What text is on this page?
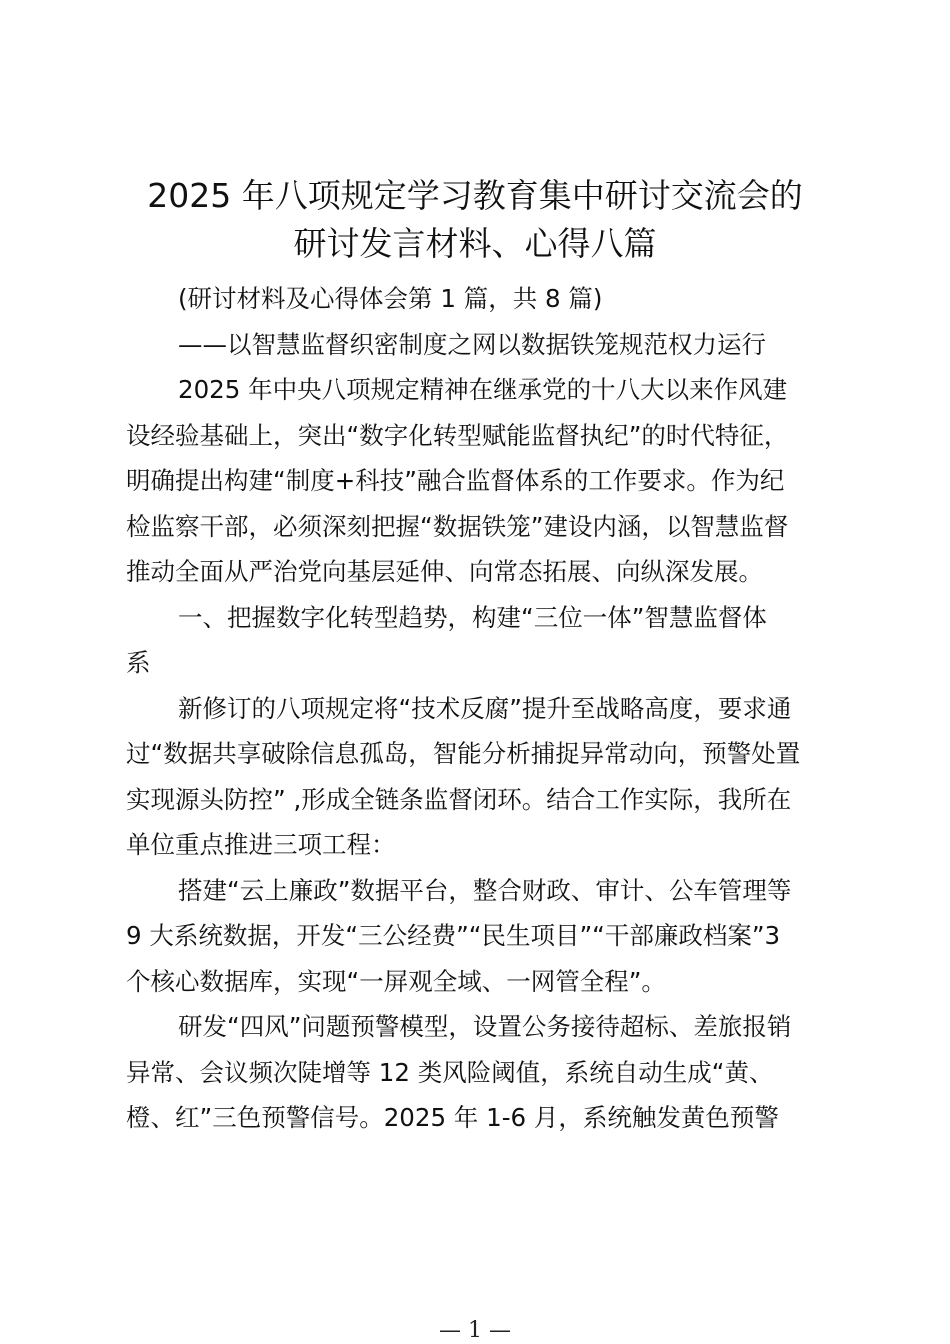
2025 年八项规定学习教育集中研讨交流会的
研讨发言材料、心得八篇
(研讨材料及心得体会第 1 篇，共 8 篇)
——以智慧监督织密制度之网以数据铁笼规范权力运行
2025 年中央八项规定精神在继承党的十八大以来作风建
设经验基础上，突出“数字化转型赋能监督执纪”的时代特征，
明确提出构建“制度+科技”融合监督体系的工作要求。作为纪
检监察干部，必须深刻把握“数据铁笼”建设内涵，以智慧监督
推动全面从严治党向基层延伸、向常态拓展、向纵深发展。
一、把握数字化转型趋势，构建“三位一体”智慧监督体
系
新修订的八项规定将“技术反腐”提升至战略高度，要求通
过“数据共享破除信息孤岛，智能分析捕捉异常动向，预警处置
实现源头防控” ,形成全链条监督闭环。结合工作实际，我所在
单位重点推进三项工程：
搭建“云上廉政”数据平台，整合财政、审计、公车管理等
9 大系统数据，开发“三公经费”“民生项目”“干部廉政档案”3
个核心数据库，实现“一屏观全域、一网管全程”。
研发“四风”问题预警模型，设置公务接待超标、差旅报销
异常、会议频次陡增等 12 类风险阈值，系统自动生成“黄、
橙、红”三色预警信号。2025 年 1-6 月，系统触发黄色预警
— 1 —
